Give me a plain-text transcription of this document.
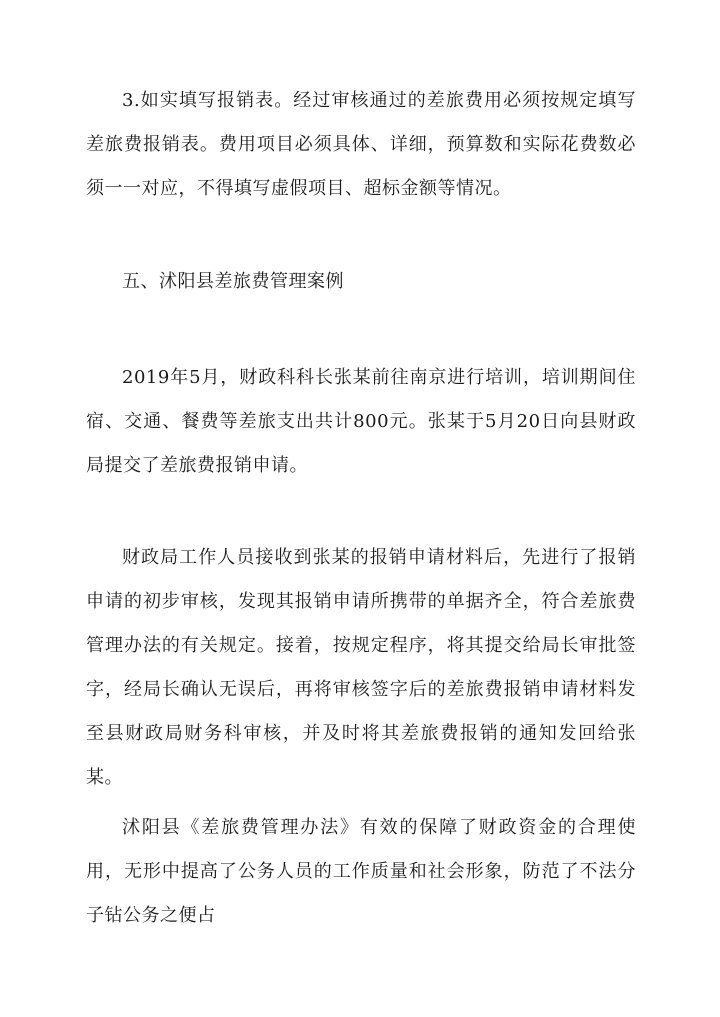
3.如实填写报销表。经过审核通过的差旅费用必须按规定填写差旅费报销表。费用项目必须具体、详细，预算数和实际花费数必须一一对应，不得填写虚假项目、超标金额等情况。

五、沭阳县差旅费管理案例

2019年5月，财政科科长张某前往南京进行培训，培训期间住宿、交通、餐费等差旅支出共计800元。张某于5月20日向县财政局提交了差旅费报销申请。

财政局工作人员接收到张某的报销申请材料后，先进行了报销申请的初步审核，发现其报销申请所携带的单据齐全，符合差旅费管理办法的有关规定。接着，按规定程序，将其提交给局长审批签字，经局长确认无误后，再将审核签字后的差旅费报销申请材料发至县财政局财务科审核，并及时将其差旅费报销的通知发回给张某。

沭阳县《差旅费管理办法》有效的保障了财政资金的合理使用，无形中提高了公务人员的工作质量和社会形象，防范了不法分子钻公务之便占
